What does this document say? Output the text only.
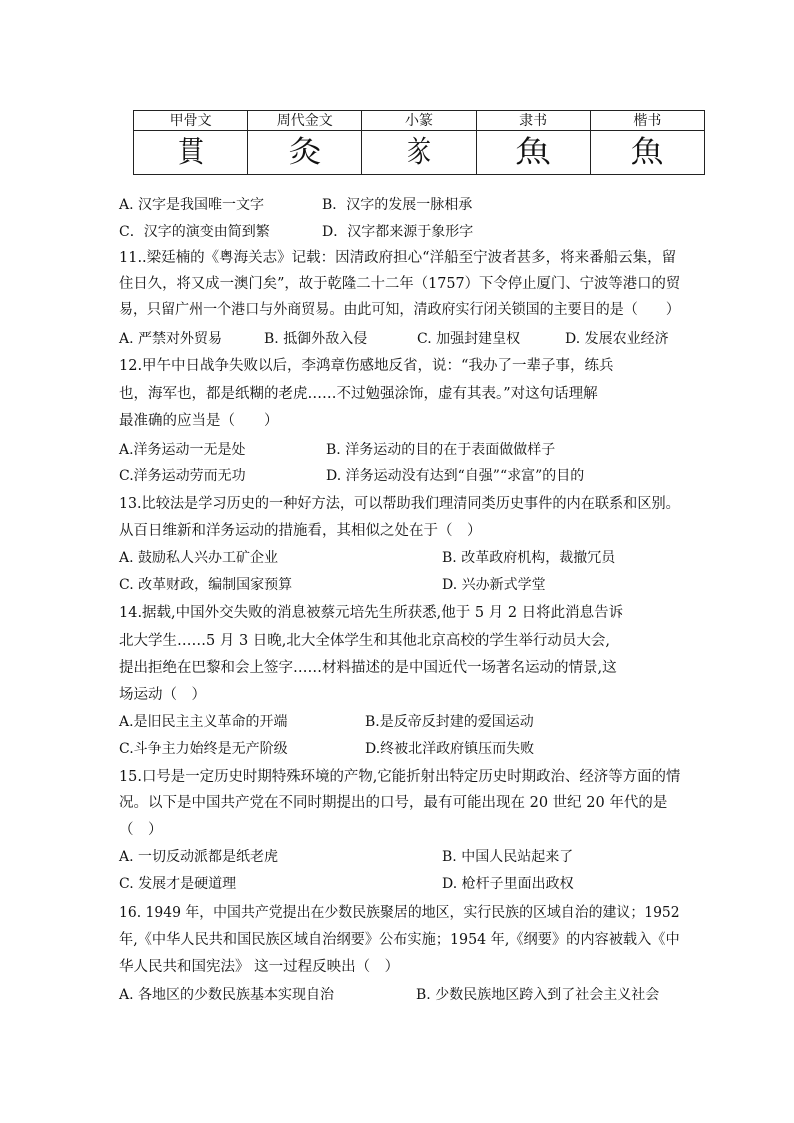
甲骨文	周代金文	小篆	隶书	楷书
貫	灸	㒸	魚	魚
A. 汉字是我国唯一文字	B．汉字的发展一脉相承
C．汉字的演变由简到繁	D．汉字都来源于象形字
11..梁廷楠的《粤海关志》记载：因清政府担心“洋船至宁波者甚多，将来番船云集，留
住日久，将又成一澳门矣”，故于乾隆二十二年（1757）下令停止厦门、宁波等港口的贸
易，只留广州一个港口与外商贸易。由此可知，清政府实行闭关锁国的主要目的是（　　）
A. 严禁对外贸易	B. 抵御外敌入侵	C. 加强封建皇权	D. 发展农业经济
12.甲午中日战争失败以后，李鸿章伤感地反省，说：“我办了一辈子事，练兵
也，海军也，都是纸糊的老虎……不过勉强涂饰，虚有其表。”对这句话理解
最准确的应当是（　　）
A.洋务运动一无是处	B. 洋务运动的目的在于表面做做样子
C.洋务运动劳而无功	D. 洋务运动没有达到“自强”“求富”的目的
13.比较法是学习历史的一种好方法，可以帮助我们理清同类历史事件的内在联系和区别。
从百日维新和洋务运动的措施看，其相似之处在于（　）
A. 鼓励私人兴办工矿企业	B. 改革政府机构，裁撤冗员
C. 改革财政，编制国家预算	D. 兴办新式学堂
14.据载,中国外交失败的消息被蔡元培先生所获悉,他于 5 月 2 日将此消息告诉
北大学生……5 月 3 日晚,北大全体学生和其他北京高校的学生举行动员大会,
提出拒绝在巴黎和会上签字……材料描述的是中国近代一场著名运动的情景,这
场运动（　）
A.是旧民主主义革命的开端	B.是反帝反封建的爱国运动
C.斗争主力始终是无产阶级	D.终被北洋政府镇压而失败
15.口号是一定历史时期特殊环境的产物,它能折射出特定历史时期政治、经济等方面的情
况。以下是中国共产党在不同时期提出的口号，最有可能出现在 20 世纪 20 年代的是
（　）
A. 一切反动派都是纸老虎	B. 中国人民站起来了
C. 发展才是硬道理	D. 枪杆子里面出政权
16. 1949 年，中国共产党提出在少数民族聚居的地区，实行民族的区域自治的建议；1952
年,《中华人民共和国民族区域自治纲要》公布实施；1954 年,《纲要》的内容被载入《中
华人民共和国宪法》 这一过程反映出（　）
A. 各地区的少数民族基本实现自治	B. 少数民族地区跨入到了社会主义社会
